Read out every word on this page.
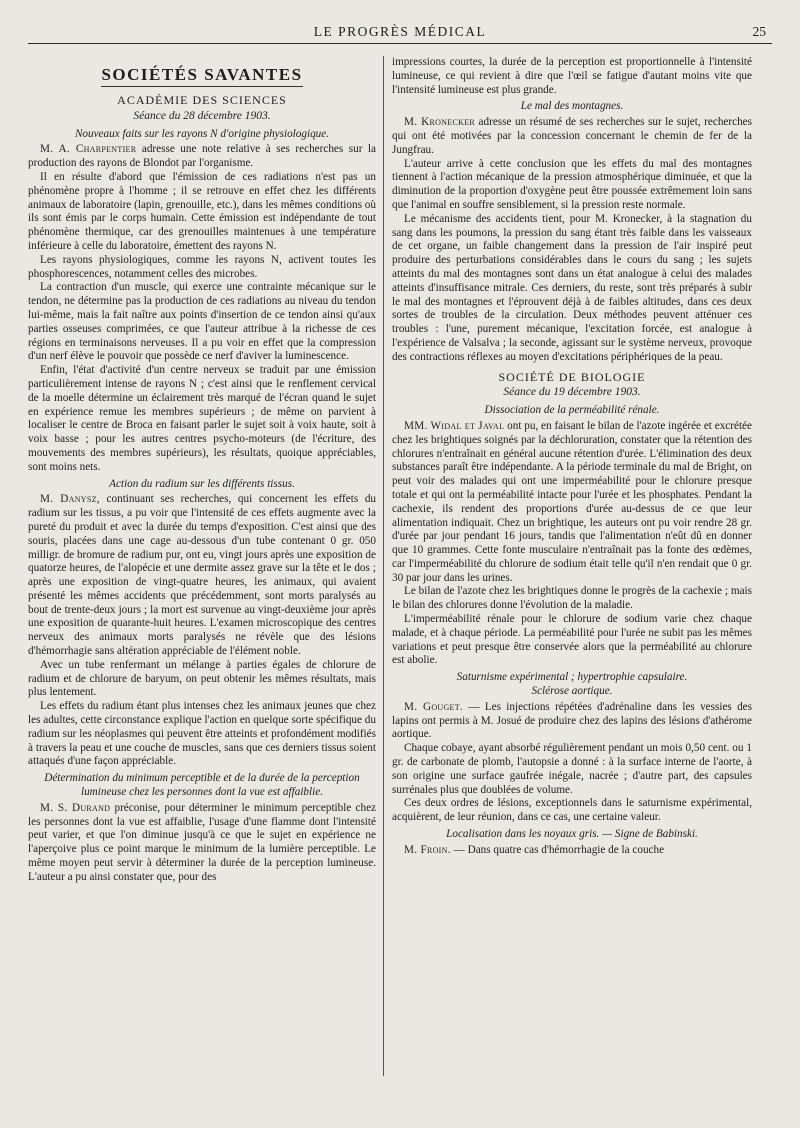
LE PROGRÈS MÉDICAL	25
SOCIÉTÉS SAVANTES
ACADÉMIE DES SCIENCES
Séance du 28 décembre 1903.
Nouveaux faits sur les rayons N d'origine physiologique.

M. A. Charpentier adresse une note relative à ses recherches sur la production des rayons de Blondot par l'organisme.

Il en résulte d'abord que l'émission de ces radiations n'est pas un phénomène propre à l'homme ; il se retrouve en effet chez les différents animaux de laboratoire (lapin, grenouille, etc.), dans les mêmes conditions où ils sont émis par le corps humain. Cette émission est indépendante de tout phénomène thermique, car des grenouilles maintenues à une température inférieure à celle du laboratoire, émettent des rayons N.

Les rayons physiologiques, comme les rayons N, activent toutes les phosphorescences, notamment celles des microbes.

La contraction d'un muscle, qui exerce une contrainte mécanique sur le tendon, ne détermine pas la production de ces radiations au niveau du tendon lui-même, mais la fait naître aux points d'insertion de ce tendon ainsi qu'aux parties osseuses comprimées, ce que l'auteur attribue à la richesse de ces régions en terminaisons nerveuses. Il a pu voir en effet que la compression d'un nerf élève le pouvoir que possède ce nerf d'aviver la luminescence.

Enfin, l'état d'activité d'un centre nerveux se traduit par une émission particulièrement intense de rayons N ; c'est ainsi que le renflement cervical de la moelle détermine un éclairement très marqué de l'écran quand le sujet en expérience remue les membres supérieurs ; de même on parvient à localiser le centre de Broca en faisant parler le sujet soit à voix haute, soit à voix basse ; pour les autres centres psycho-moteurs (de l'écriture, des mouvements des membres supérieurs), les résultats, quoique appréciables, sont moins nets.

Action du radium sur les différents tissus.

M. Danysz, continuant ses recherches, qui concernent les effets du radium sur les tissus, a pu voir que l'intensité de ces effets augmente avec la pureté du produit et avec la durée du temps d'exposition. C'est ainsi que des souris, placées dans une cage au-dessous d'un tube contenant 0 gr. 050 milligr. de bromure de radium pur, ont eu, vingt jours après une exposition de quatorze heures, de l'alopécie et une dermite assez grave sur la tête et le dos ; après une exposition de vingt-quatre heures, les animaux, qui avaient présenté les mêmes accidents que précédemment, sont morts paralysés au bout de trente-deux jours ; la mort est survenue au vingt-deuxième jour après une exposition de quarante-huit heures. L'examen microscopique des centres nerveux des animaux morts paralysés ne révèle que des lésions d'hémorrhagie sans altération appréciable de l'élément noble.

Avec un tube renfermant un mélange à parties égales de chlorure de radium et de chlorure de baryum, on peut obtenir les mêmes résultats, mais plus lentement.

Les effets du radium étant plus intenses chez les animaux jeunes que chez les adultes, cette circonstance explique l'action en quelque sorte spécifique du radium sur les néoplasmes qui peuvent être atteints et profondément modifiés à travers la peau et une couche de muscles, sans que ces derniers tissus soient attaqués d'une façon appréciable.

Détermination du minimum perceptible et de la durée de la perception lumineuse chez les personnes dont la vue est affaiblie.

M. S. Durand préconise, pour déterminer le minimum perceptible chez les personnes dont la vue est affaiblie, l'usage d'une flamme dont l'intensité peut varier, et que l'on diminue jusqu'à ce que le sujet en expérience ne l'aperçoive plus ce point marque le minimum de la lumière perceptible. Le même moyen peut servir à déterminer la durée de la perception lumineuse. L'auteur a pu ainsi constater que, pour des

impressions courtes, la durée de la perception est proportionnelle à l'intensité lumineuse, ce qui revient à dire que l'œil se fatigue d'autant moins vite que l'intensité lumineuse est plus grande.

Le mal des montagnes.

M. Kronecker adresse un résumé de ses recherches sur le sujet, recherches qui ont été motivées par la concession concernant le chemin de fer de la Jungfrau.

L'auteur arrive à cette conclusion que les effets du mal des montagnes tiennent à l'action mécanique de la pression atmosphérique diminuée, et que la diminution de la proportion d'oxygène peut être poussée extrêmement loin sans que l'animal en souffre sensiblement, si la pression reste normale.

Le mécanisme des accidents tient, pour M. Kronecker, à la stagnation du sang dans les poumons, la pression du sang étant très faible dans les vaisseaux de cet organe, un faible changement dans la pression de l'air inspiré peut produire des perturbations considérables dans le cours du sang ; les sujets atteints du mal des montagnes sont dans un état analogue à celui des malades atteints d'insuffisance mitrale. Ces derniers, du reste, sont très préparés à subir le mal des montagnes et l'éprouvent déjà à de faibles altitudes, dans ces deux sortes de troubles de la circulation. Deux méthodes peuvent atténuer ces troubles : l'une, purement mécanique, l'excitation forcée, est analogue à l'expérience de Valsalva ; la seconde, agissant sur le système nerveux, provoque des contractions réflexes au moyen d'excitations périphériques de la peau.

SOCIÉTÉ DE BIOLOGIE
Séance du 19 décembre 1903.
Dissociation de la perméabilité rénale.

MM. Widal et Javal ont pu, en faisant le bilan de l'azote ingérée et excrétée chez les brightiques soignés par la déchloruration, constater que la rétention des chlorures n'entraînait en général aucune rétention d'urée. L'élimination des deux substances paraît être indépendante. A la période terminale du mal de Bright, on peut voir des malades qui ont une imperméabilité pour le chlorure presque totale et qui ont la perméabilité intacte pour l'urée et les phosphates. Pendant la cachexie, ils rendent des proportions d'urée au-dessus de ce que leur alimentation indiquait. Chez un brightique, les auteurs ont pu voir rendre 28 gr. d'urée par jour pendant 16 jours, tandis que l'alimentation n'eût dû en donner que 10 grammes. Cette fonte musculaire n'entraînait pas la fonte des œdèmes, car l'imperméabilité du chlorure de sodium était telle qu'il n'en rendait que 0 gr. 30 par jour dans les urines.

Le bilan de l'azote chez les brightiques donne le progrès de la cachexie ; mais le bilan des chlorures donne l'évolution de la maladie.

L'imperméabilité rénale pour le chlorure de sodium varie chez chaque malade, et à chaque période. La perméabilité pour l'urée ne subit pas les mêmes variations et peut presque être conservée alors que la perméabilité au chlorure est abolie.

Saturnisme expérimental ; hypertrophie capsulaire.
Sclérose aortique.

M. Gouget. — Les injections répétées d'adrénaline dans les vessies des lapins ont permis à M. Josué de produire chez des lapins des lésions d'athérome aortique.

Chaque cobaye, ayant absorbé régulièrement pendant un mois 0,50 cent. ou 1 gr. de carbonate de plomb, l'autopsie a donné : à la surface interne de l'aorte, à son origine une surface gaufrée inégale, nacrée ; d'autre part, des capsules surrénales plus que doublées de volume.

Ces deux ordres de lésions, exceptionnels dans le saturnisme expérimental, acquièrent, de leur réunion, dans ce cas, une certaine valeur.

Localisation dans les noyaux gris. — Signe de Babinski.

M. Froin. — Dans quatre cas d'hémorrhagie de la couche
